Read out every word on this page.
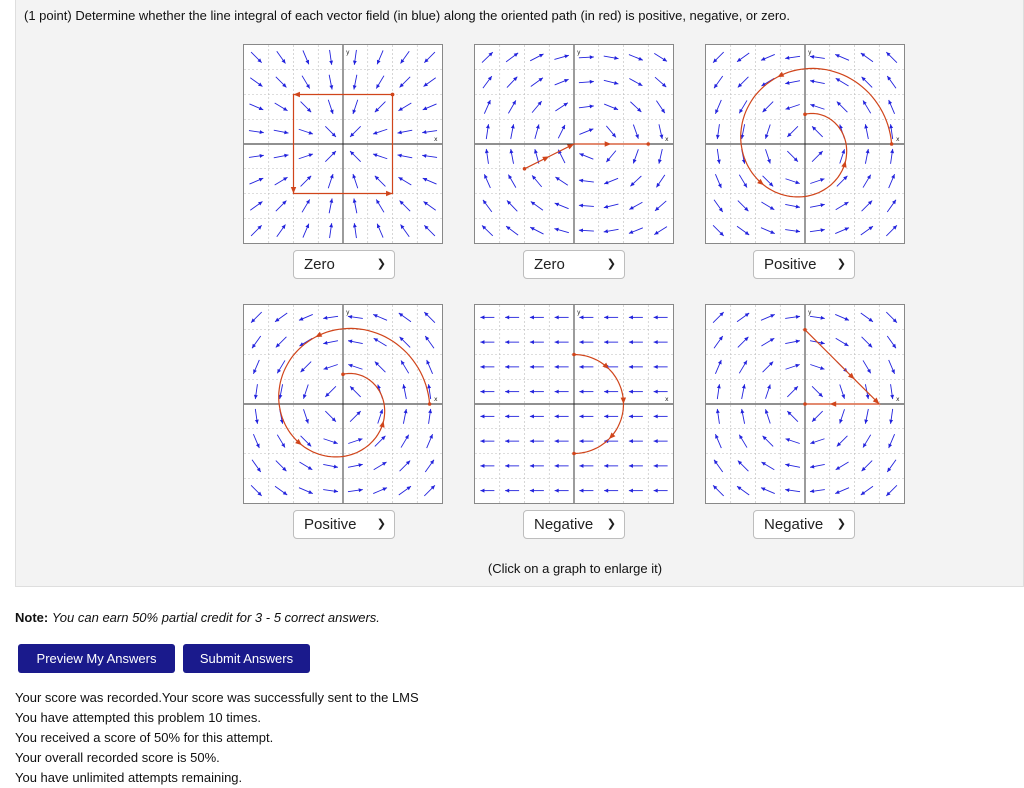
(1 point) Determine whether the line integral of each vector field (in blue) along the oriented path (in red) is positive, negative, or zero.
x
y
x
y
x
y
x
y
x
y
x
y
Zero	❯	Zero	❯	Positive ❯
Positive ❯	Negative ❯	Negative ❯
(Click on a graph to enlarge it)
Note: You can earn 50% partial credit for 3 - 5 correct answers.
Preview My Answers	Submit Answers
Your score was recorded.Your score was successfully sent to the LMS
You have attempted this problem 10 times.
You received a score of 50% for this attempt.
Your overall recorded score is 50%.
You have unlimited attempts remaining.
